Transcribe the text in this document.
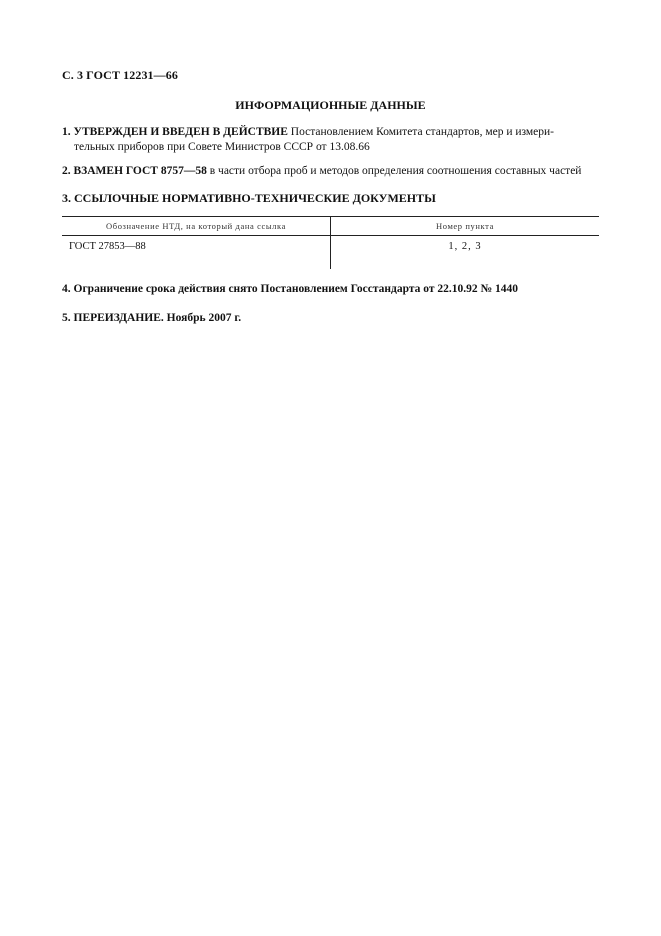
С. 3 ГОСТ 12231—66
ИНФОРМАЦИОННЫЕ ДАННЫЕ
1. УТВЕРЖДЕН И ВВЕДЕН В ДЕЙСТВИЕ Постановлением Комитета стандартов, мер и измери-
тельных приборов при Совете Министров СССР от 13.08.66
2. ВЗАМЕН ГОСТ 8757—58 в части отбора проб и методов определения соотношения составных частей
3. ССЫЛОЧНЫЕ НОРМАТИВНО-ТЕХНИЧЕСКИЕ ДОКУМЕНТЫ
Обозначение НТД, на который дана ссылка	Номер пункта
ГОСТ 27853—88	1, 2, 3
4. Ограничение срока действия снято Постановлением Госстандарта от 22.10.92 № 1440
5. ПЕРЕИЗДАНИЕ. Ноябрь 2007 г.
